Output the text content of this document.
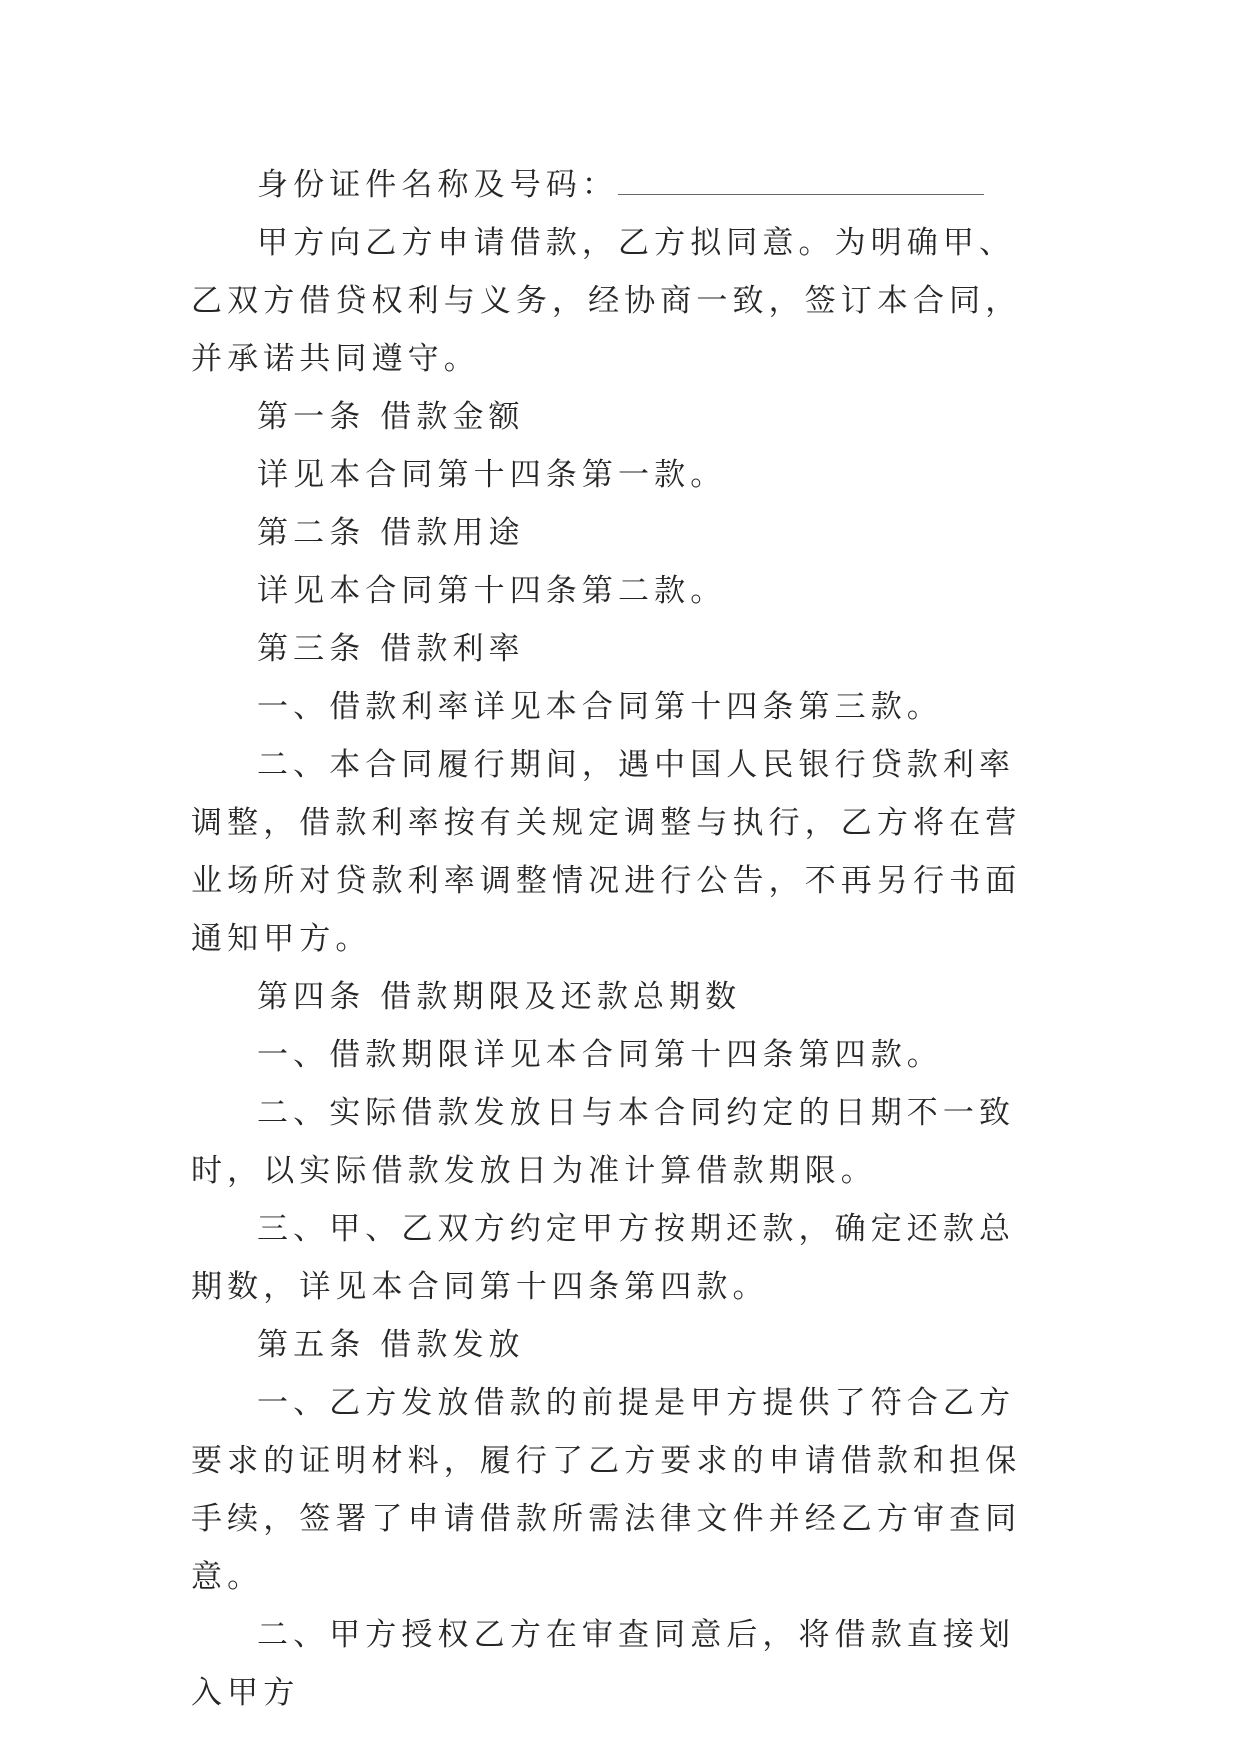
身份证件名称及号码：

甲方向乙方申请借款，乙方拟同意。为明确甲、乙双方借贷权利与义务，经协商一致，签订本合同，并承诺共同遵守。

第一条 借款金额

详见本合同第十四条第一款。

第二条 借款用途

详见本合同第十四条第二款。

第三条 借款利率

一、借款利率详见本合同第十四条第三款。

二、本合同履行期间，遇中国人民银行贷款利率调整，借款利率按有关规定调整与执行，乙方将在营业场所对贷款利率调整情况进行公告，不再另行书面通知甲方。

第四条 借款期限及还款总期数

一、借款期限详见本合同第十四条第四款。

二、实际借款发放日与本合同约定的日期不一致时，以实际借款发放日为准计算借款期限。

三、甲、乙双方约定甲方按期还款，确定还款总期数，详见本合同第十四条第四款。

第五条 借款发放

一、乙方发放借款的前提是甲方提供了符合乙方要求的证明材料，履行了乙方要求的申请借款和担保手续，签署了申请借款所需法律文件并经乙方审查同意。

二、甲方授权乙方在审查同意后，将借款直接划入甲方
